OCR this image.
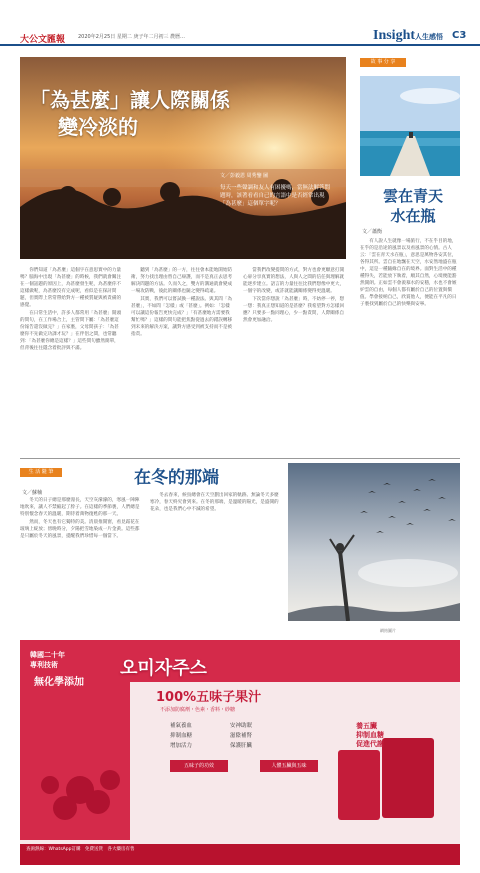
大公文匯報	2020年2月25日 星期二 庚子年二月初三 農曆…	Insight 人生感悟 C3
「為甚麼」讓人際關係
變冷淡的
文／彭毅恩 周秀鑒 圖
每天一些聲調和友人有困擾嗎，當無法解答問題時，該著看看自己的言語中是否經常出現「為甚麼」這個單字呢？

你們知道「為甚麼」這個字在意思實中的力量嗎？腦海中出現「為甚麼」的時候，我們就會關注在一個話題的原因上，為甚麼發生呢，為甚麼你不這樣做呢，為甚麼沒有完成呢，看似是在探討問題，但實際上常常帶給對方一種被質疑與被責備的感覺。

在日常生活中，許多人都常用「為甚麼」開頭的問句，在工作場合上，主管問下屬：「為甚麼這份報告還沒做完？」在家裏，父母問孩子：「為甚麼你不先做完功課才玩？」在伴侶之間，也常聽到：「為甚麼你總是這樣？」這些問句雖然簡單，但背後往往隱含着批評與不滿。

聽到「為甚麼」的一方，往往會本能地開始防衛，努力找出理由替自己辯護，而不是真正去思考解決問題的方法。久而久之，雙方的溝通就會變成一場攻防戰，彼此的關係也隨之變得疏遠。

其實，我們可以嘗試換一種說法。與其問「為甚麼」，不如問「怎樣」或「甚麼」。例如：「怎樣可以讓這份報告更快完成？」「有甚麼地方需要我幫忙嗎？」這樣的問句能把焦點從過去的錯誤轉移到未來的解決方案，讓對方感受到被支持而不是被指責。

當我們改變提問的方式，對方也會更願意打開心扉分享真實的想法，人與人之間的信任與理解就能逐步建立。語言的力量往往比我們想像中更大，一個字的改變，或許就能讓關係變得更溫暖。

下次當你想說「為甚麼」時，不妨停一停，想一想：我真正想知道的是甚麼？我希望對方怎樣回應？只要多一點同理心，少一點責問，人際關係自然會更加融洽。

故 事 分 享
雲在青天水在瓶
文／蕭衡

有人說人生就像一場旅行，不在乎目的地，在乎的是沿途的風景以及看風景的心情。古人云：「雲在青天水在瓶」，意思是萬物各安其位，各得其所。雲自在地飄在天空，水安然地盛在瓶中，這是一種隨緣自在的境界。面對生活中的種種得失，若能放下執着，順其自然，心境便能豁然開朗。正如雲不會羨慕水的安穩，水也不會嫉妒雲的自由，每個人都有屬於自己的位置與價值。學會接納自己，欣賞他人，便能在平凡的日子裏找到屬於自己的快樂與安寧。

生 活 隨 筆	在冬的那端
文／蘇楠

冬天的日子總是那麼漫長，天空灰濛濛的，寒風一陣陣地吹來，讓人不禁縮起了脖子。在這樣的季節裏，人們總是特別懷念春天的溫暖，期待着萬物復甦的那一天。

然而，冬天也有它獨特的美。清晨推開窗，看見霜花在玻璃上綻放；傍晚時分，夕陽把雪地染成一片金黃。這些都是只屬於冬天的風景，提醒我們珍惜每一個當下。

冬去春來，候鳥總會在天空劃出回家的軌跡。無論冬天多麼寒冷，春天終究會到來。在冬的那端，是溫暖的陽光，是盛開的花朵，也是我們心中不滅的希望。

網絡圖片
韓國二十年
專利技術
無化學添加
오미자주스
100%五味子果汁
不添加防腐劑・色素・香料・砂糖
補氣養血
抑制血糖
增加活力
安神助眠
滋陰補腎
保護肝臟
五味子的功效	人體五臟與五味
養五臟
抑制血糖
促進代謝
查詢熱線：WhatsApp訂購　免費送貨　各大藥房有售
